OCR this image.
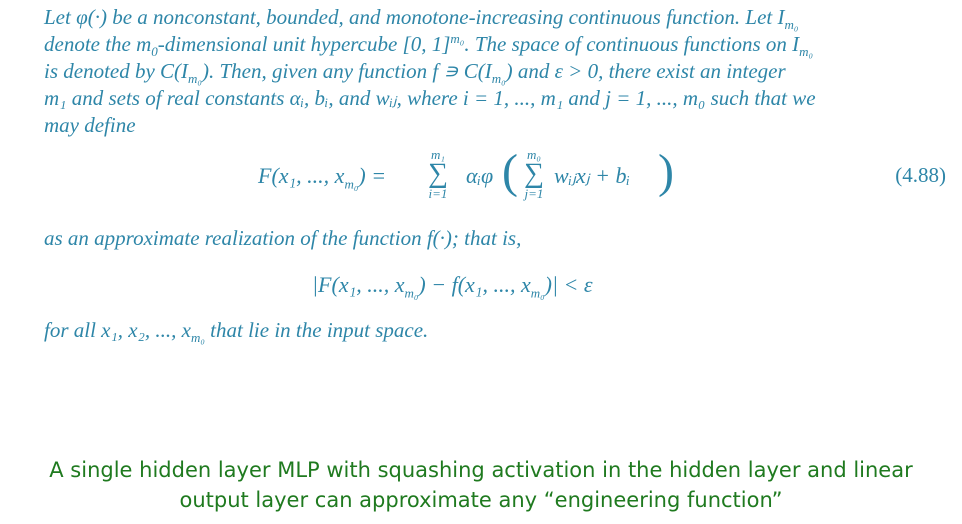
Let φ(·) be a nonconstant, bounded, and monotone-increasing continuous function. Let $I_{m_0}$

denote the $m_0$-dimensional unit hypercube [0, 1]$^{m_0}$. The space of continuous functions on $I_{m_0}$

is denoted by $C(I_{m_0})$. Then, given any function f ∍ $C(I_{m_0})$ and ε > 0, there exist an integer

m₁ and sets of real constants αᵢ, bᵢ, and wᵢⱼ, where i = 1, ..., m₁ and j = 1, ..., m₀ such that we

may define

F(x₁, ..., $x_{m_0}$) =
m₁
∑
i=1
αᵢφ ( m₀
∑
j=1
wᵢⱼxⱼ + bᵢ )	(4.88)
as an approximate realization of the function f(·); that is,
|F(x₁, ..., $x_{m_0}) - f(x_1$, ..., $x_{m_0})| < \varepsilon$
for all x₁, x₂, ..., $x_{m_0}$ that lie in the input space.
A single hidden layer MLP with squashing activation in the hidden layer and linear
output layer can approximate any “engineering function”
